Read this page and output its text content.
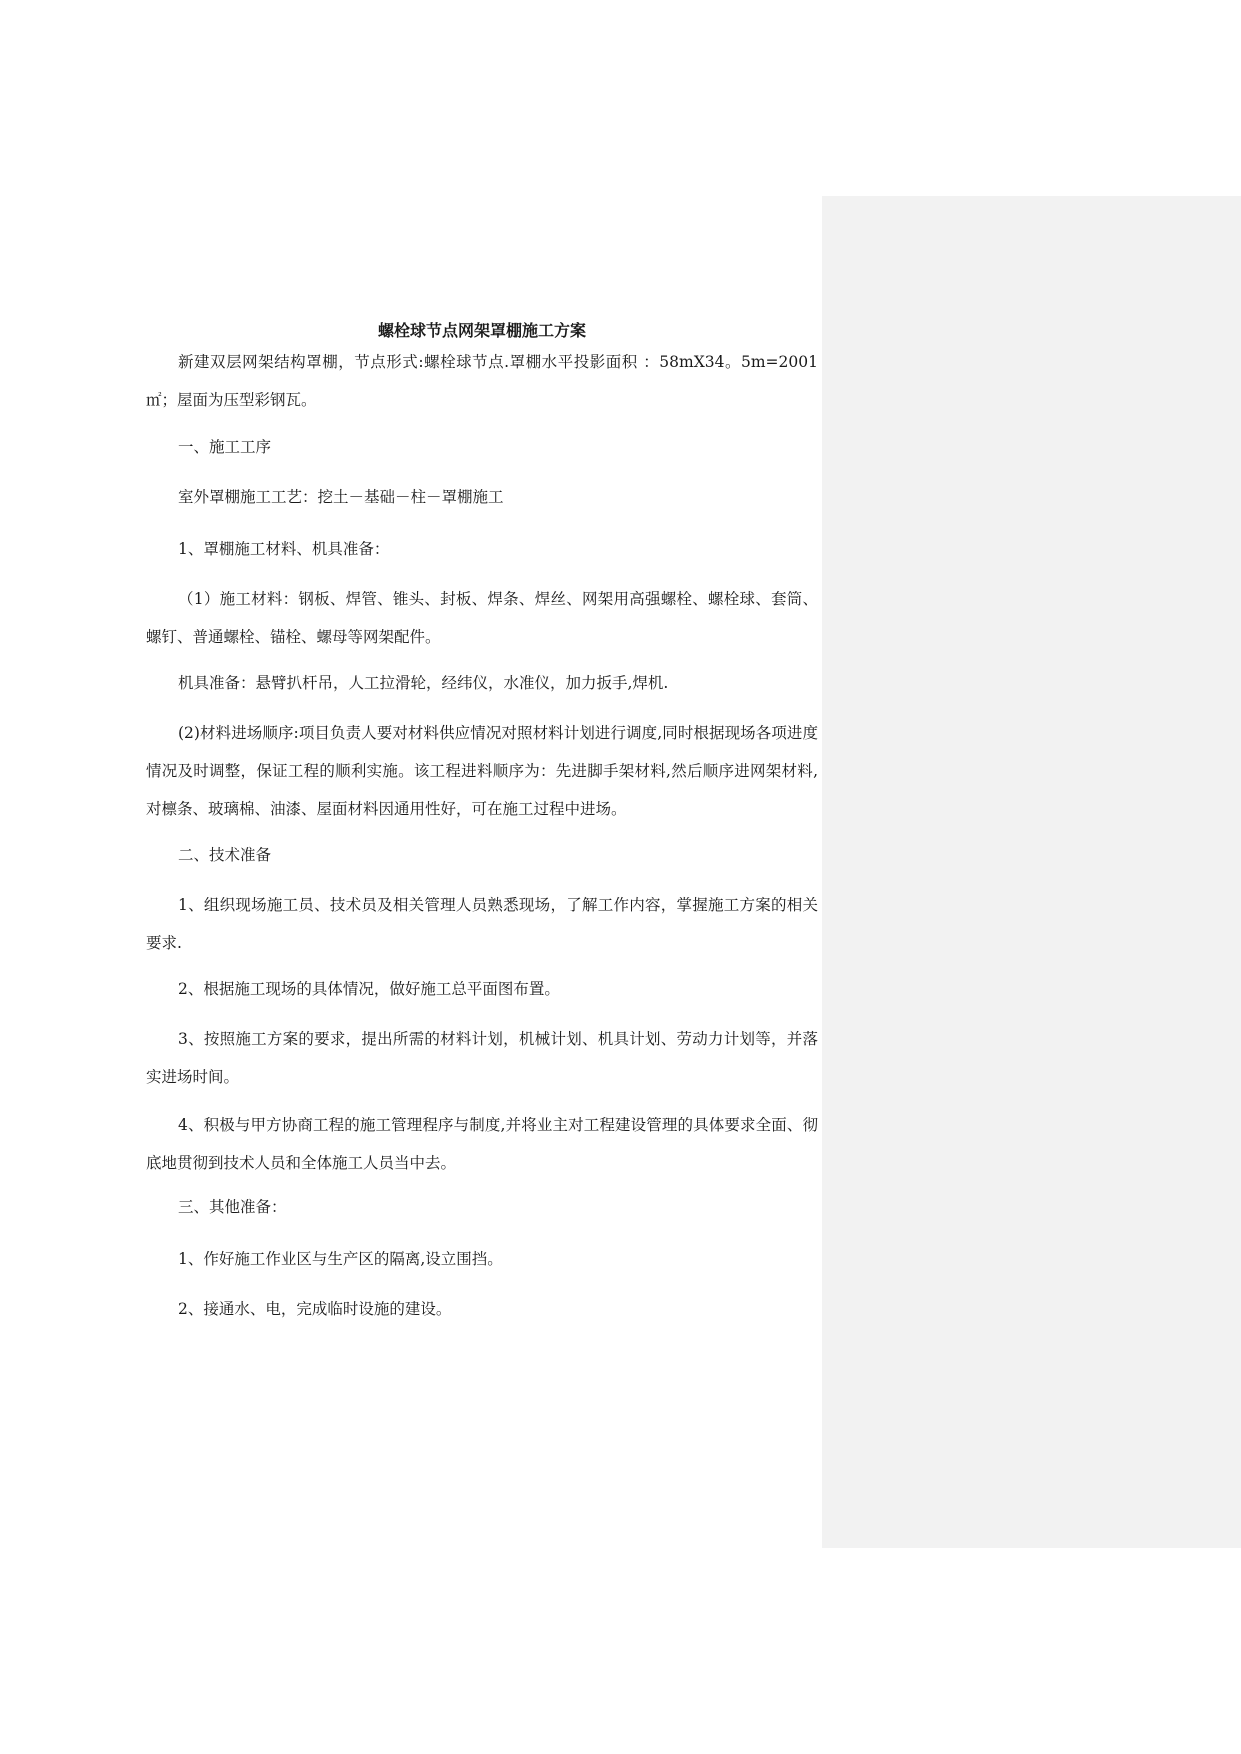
螺栓球节点网架罩棚施工方案
新建双层网架结构罩棚，节点形式:螺栓球节点.罩棚水平投影面积 ：58mX34。5m=2001㎡；屋面为压型彩钢瓦。
一、施工工序
室外罩棚施工工艺：挖土－基础－柱－罩棚施工
1、罩棚施工材料、机具准备：
（1）施工材料：钢板、焊管、锥头、封板、焊条、焊丝、网架用高强螺栓、螺栓球、套筒、螺钉、普通螺栓、锚栓、螺母等网架配件。
机具准备：悬臂扒杆吊，人工拉滑轮，经纬仪，水准仪，加力扳手,焊机.
(2)材料进场顺序:项目负责人要对材料供应情况对照材料计划进行调度,同时根据现场各项进度情况及时调整，保证工程的顺利实施。该工程进料顺序为：先进脚手架材料,然后顺序进网架材料,对檩条、玻璃棉、油漆、屋面材料因通用性好，可在施工过程中进场。
二、技术准备
1、组织现场施工员、技术员及相关管理人员熟悉现场，了解工作内容，掌握施工方案的相关要求.
2、根据施工现场的具体情况，做好施工总平面图布置。
3、按照施工方案的要求，提出所需的材料计划，机械计划、机具计划、劳动力计划等，并落实进场时间。
4、积极与甲方协商工程的施工管理程序与制度,并将业主对工程建设管理的具体要求全面、彻底地贯彻到技术人员和全体施工人员当中去。
三、其他准备：
1、作好施工作业区与生产区的隔离,设立围挡。
2、接通水、电，完成临时设施的建设。
